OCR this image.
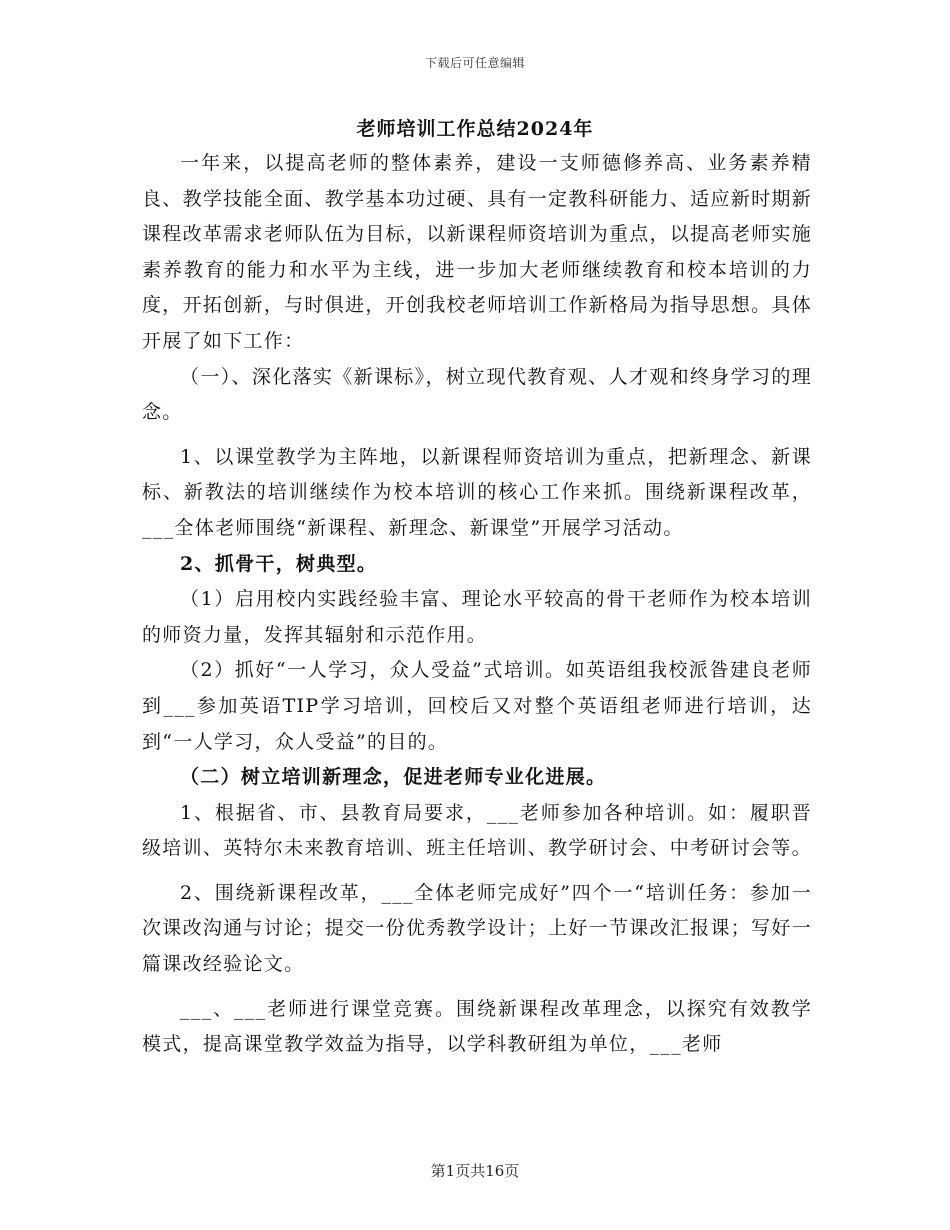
下载后可任意编辑
老师培训工作总结2024年

一年来，以提高老师的整体素养，建设一支师德修养高、业务素养精良、教学技能全面、教学基本功过硬、具有一定教科研能力、适应新时期新课程改革需求老师队伍为目标，以新课程师资培训为重点，以提高老师实施素养教育的能力和水平为主线，进一步加大老师继续教育和校本培训的力度，开拓创新，与时俱进，开创我校老师培训工作新格局为指导思想。具体开展了如下工作：

（一）、深化落实《新课标》，树立现代教育观、人才观和终身学习的理念。

1、以课堂教学为主阵地，以新课程师资培训为重点，把新理念、新课标、新教法的培训继续作为校本培训的核心工作来抓。围绕新课程改革，___全体老师围绕“新课程、新理念、新课堂”开展学习活动。

2、抓骨干，树典型。

（1）启用校内实践经验丰富、理论水平较高的骨干老师作为校本培训的师资力量，发挥其辐射和示范作用。

（2）抓好“一人学习，众人受益”式培训。如英语组我校派昝建良老师到___参加英语TIP学习培训，回校后又对整个英语组老师进行培训，达到“一人学习，众人受益”的目的。

（二）树立培训新理念，促进老师专业化进展。

1、根据省、市、县教育局要求，___老师参加各种培训。如：履职晋级培训、英特尔未来教育培训、班主任培训、教学研讨会、中考研讨会等。

2、围绕新课程改革，___全体老师完成好”四个一“培训任务：参加一次课改沟通与讨论；提交一份优秀教学设计；上好一节课改汇报课；写好一篇课改经验论文。

___、___老师进行课堂竞赛。围绕新课程改革理念，以探究有效教学模式，提高课堂教学效益为指导，以学科教研组为单位，___老师

第1页共16页
